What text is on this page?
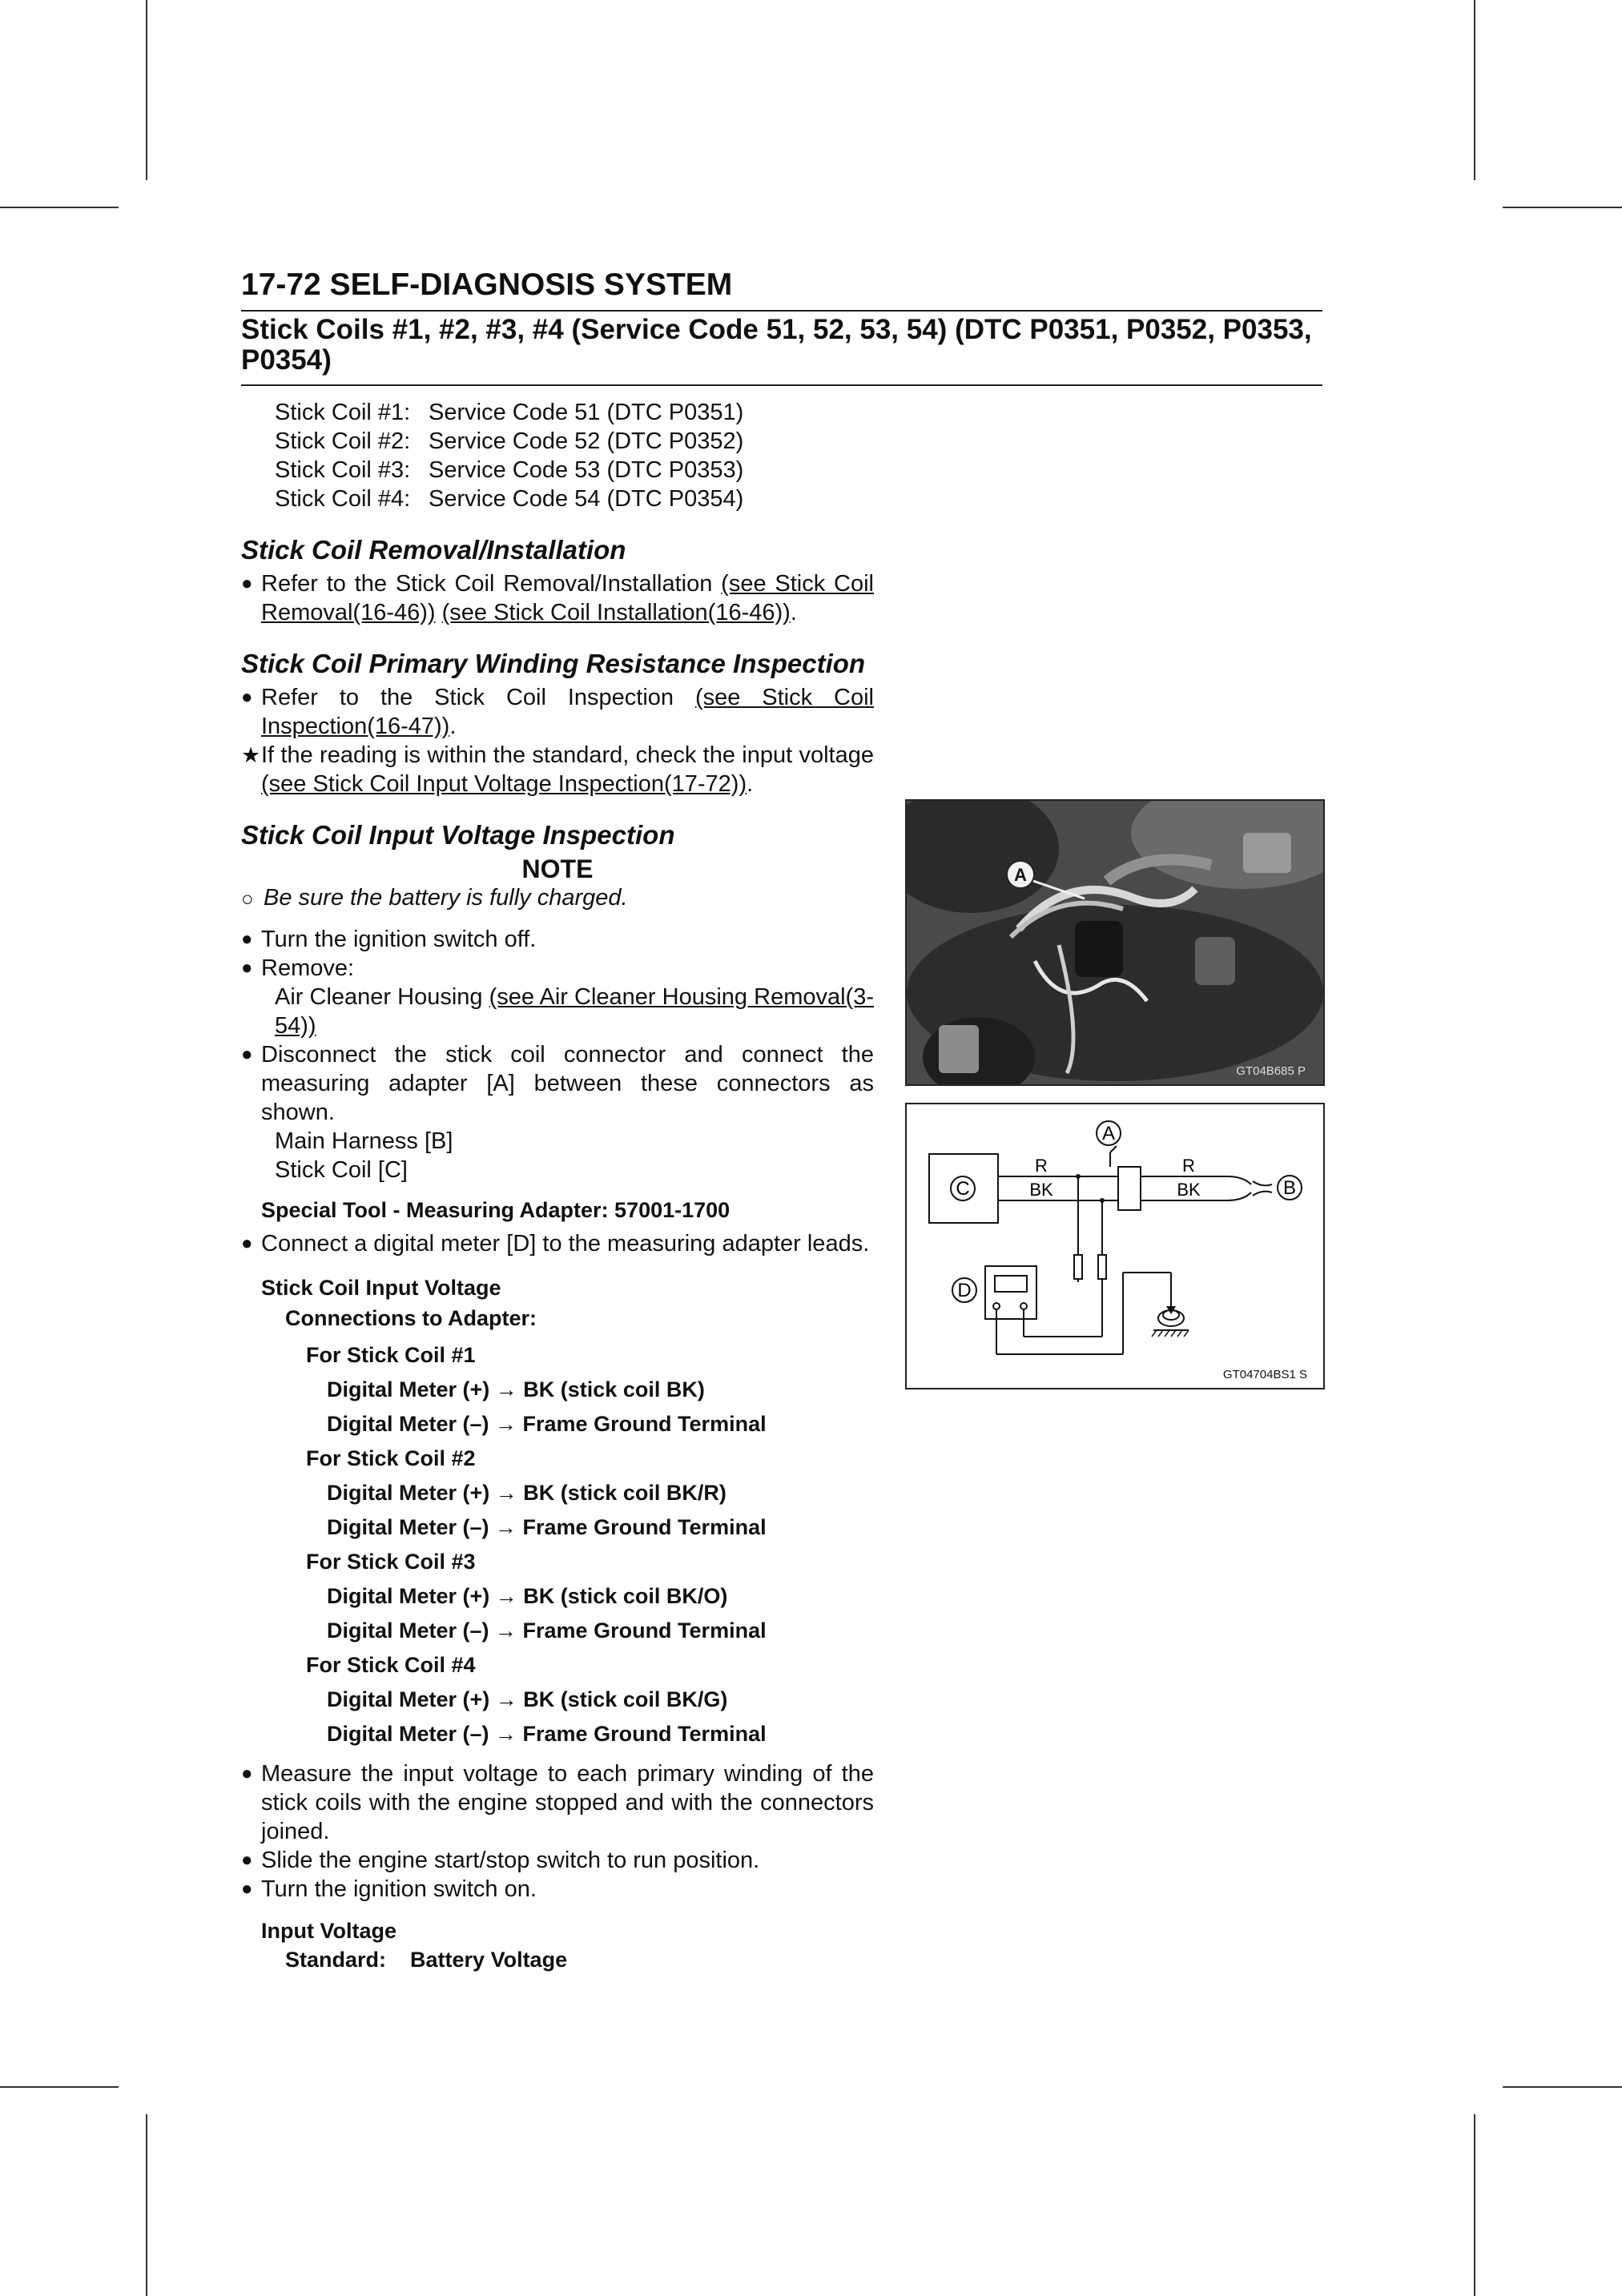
17-72 SELF-DIAGNOSIS SYSTEM
Stick Coils #1, #2, #3, #4 (Service Code 51, 52, 53, 54) (DTC P0351, P0352, P0353, P0354)
Stick Coil #1: Service Code 51 (DTC P0351)
Stick Coil #2: Service Code 52 (DTC P0352)
Stick Coil #3: Service Code 53 (DTC P0353)
Stick Coil #4: Service Code 54 (DTC P0354)
Stick Coil Removal/Installation
● Refer to the Stick Coil Removal/Installation (see Stick Coil Removal(16-46)) (see Stick Coil Installation(16-46)).
Stick Coil Primary Winding Resistance Inspection
● Refer to the Stick Coil Inspection (see Stick Coil Inspection(16-47)).
★ If the reading is within the standard, check the input voltage (see Stick Coil Input Voltage Inspection(17-72)).
Stick Coil Input Voltage Inspection
NOTE
○ Be sure the battery is fully charged.
● Turn the ignition switch off.
● Remove:
Air Cleaner Housing (see Air Cleaner Housing Removal(3-54))
● Disconnect the stick coil connector and connect the measuring adapter [A] between these connectors as shown.
Main Harness [B]
Stick Coil [C]
Special Tool - Measuring Adapter: 57001-1700
● Connect a digital meter [D] to the measuring adapter leads.
Stick Coil Input Voltage
Connections to Adapter:
For Stick Coil #1
Digital Meter (+) → BK (stick coil BK)
Digital Meter (–) → Frame Ground Terminal
For Stick Coil #2
Digital Meter (+) → BK (stick coil BK/R)
Digital Meter (–) → Frame Ground Terminal
For Stick Coil #3
Digital Meter (+) → BK (stick coil BK/O)
Digital Meter (–) → Frame Ground Terminal
For Stick Coil #4
Digital Meter (+) → BK (stick coil BK/G)
Digital Meter (–) → Frame Ground Terminal
● Measure the input voltage to each primary winding of the stick coils with the engine stopped and with the connectors joined.
● Slide the engine start/stop switch to run position.
● Turn the ignition switch on.
Input Voltage
Standard: Battery Voltage
A
GT04B685 P
C
A
B
D
R
BK
R
BK
GT04704BS1 S
